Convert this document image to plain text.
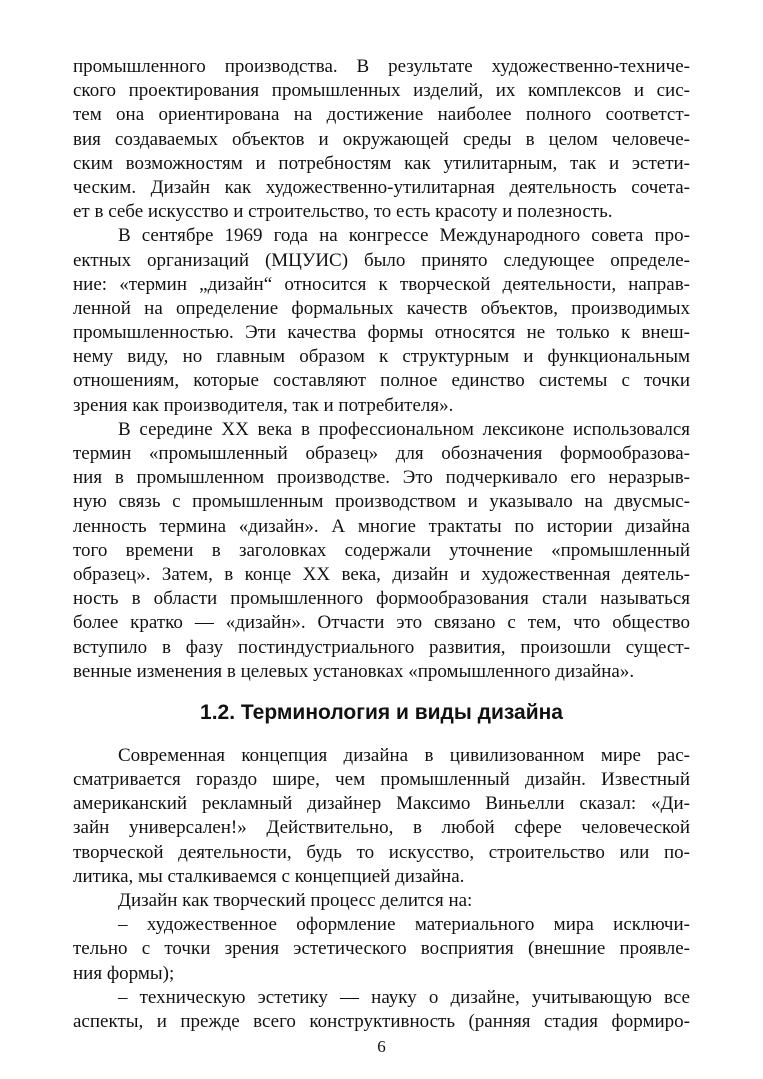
промышленного производства. В результате художественно-техниче-
ского проектирования промышленных изделий, их комплексов и сис-
тем она ориентирована на достижение наиболее полного соответст-
вия создаваемых объектов и окружающей среды в целом человече-
ским возможностям и потребностям как утилитарным, так и эстети-
ческим. Дизайн как художественно-утилитарная деятельность сочета-
ет в себе искусство и строительство, то есть красоту и полезность.
В сентябре 1969 года на конгрессе Международного совета про-
ектных организаций (МЦУИС) было принято следующее определе-
ние: «термин „дизайн“ относится к творческой деятельности, направ-
ленной на определение формальных качеств объектов, производимых
промышленностью. Эти качества формы относятся не только к внеш-
нему виду, но главным образом к структурным и функциональным
отношениям, которые составляют полное единство системы с точки
зрения как производителя, так и потребителя».
В середине XX века в профессиональном лексиконе использовался
термин «промышленный образец» для обозначения формообразова-
ния в промышленном производстве. Это подчеркивало его неразрыв-
ную связь с промышленным производством и указывало на двусмыс-
ленность термина «дизайн». А многие трактаты по истории дизайна
того времени в заголовках содержали уточнение «промышленный
образец». Затем, в конце XX века, дизайн и художественная деятель-
ность в области промышленного формообразования стали называться
более кратко — «дизайн». Отчасти это связано с тем, что общество
вступило в фазу постиндустриального развития, произошли сущест-
венные изменения в целевых установках «промышленного дизайна».
1.2. Терминология и виды дизайна
Современная концепция дизайна в цивилизованном мире рас-
сматривается гораздо шире, чем промышленный дизайн. Известный
американский рекламный дизайнер Максимо Виньелли сказал: «Ди-
зайн универсален!» Действительно, в любой сфере человеческой
творческой деятельности, будь то искусство, строительство или по-
литика, мы сталкиваемся с концепцией дизайна.
Дизайн как творческий процесс делится на:
– художественное оформление материального мира исключи-
тельно с точки зрения эстетического восприятия (внешние проявле-
ния формы);
– техническую эстетику — науку о дизайне, учитывающую все
аспекты, и прежде всего конструктивность (ранняя стадия формиро-
6
